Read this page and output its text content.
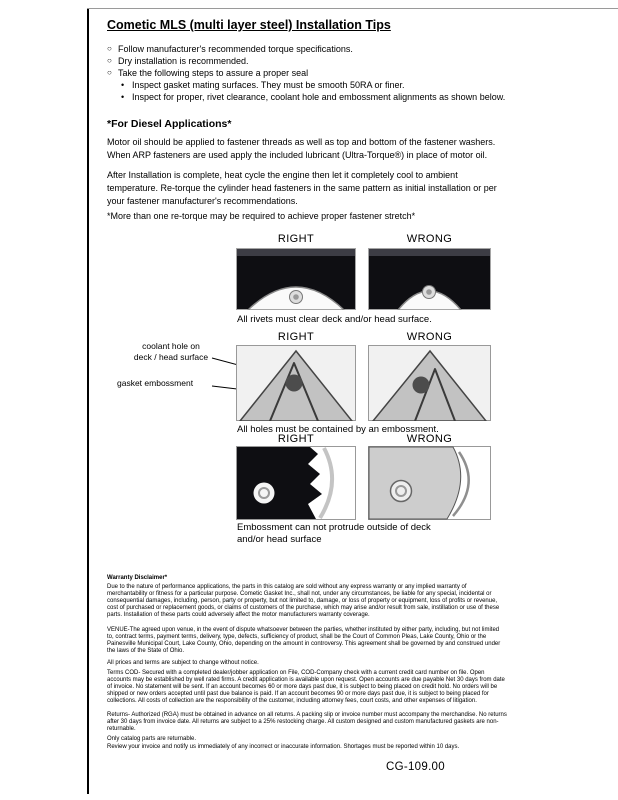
Cometic MLS (multi layer steel) Installation Tips
○ Follow manufacturer's recommended torque specifications.
○ Dry installation is recommended.
○ Take the following steps to assure a proper seal
• Inspect gasket mating surfaces. They must be smooth 50RA or finer.
• Inspect for proper, rivet clearance, coolant hole and embossment alignments as shown below.
*For Diesel Applications*
Motor oil should be applied to fastener threads as well as top and bottom of the fastener washers. When ARP fasteners are used apply the included lubricant (Ultra-Torque®) in place of motor oil.
After Installation is complete, heat cycle the engine then let it completely cool to ambient temperature. Re-torque the cylinder head fasteners in the same pattern as initial installation or per your fastener manufacturer's recommendations.
*More than one re-torque may be required to achieve proper fastener stretch*
RIGHT	WRONG
All rivets must clear deck and/or head surface.
RIGHT	WRONG
coolant hole on
deck / head surface
gasket embossment
All holes must be contained by an embossment.
RIGHT	WRONG
Embossment can not protrude outside of deck
and/or head surface
Warranty Disclaimer*
Due to the nature of performance applications, the parts in this catalog are sold without any express warranty or any implied warranty of merchantability or fitness for a particular purpose. Cometic Gasket Inc., shall not, under any circumstances, be liable for any special, incidental or consequential damages, including, person, party or property, but not limited to, damage, or loss of property or equipment, loss of profits or revenue, cost of purchased or replacement goods, or claims of customers of the purchase, which may arise and/or result from sale, instillation or use of these parts. Installation of these parts could adversely affect the motor manufacturers warranty coverage.
VENUE-The agreed upon venue, in the event of dispute whatsoever between the parties, whether instituted by either party, including, but not limited to, contract terms, payment terms, delivery, type, defects, sufficiency of product, shall be the Court of Common Pleas, Lake County, Ohio or the Painesville Municipal Court, Lake County, Ohio, depending on the amount in controversy. This agreement shall be governed by and construed under the laws of the State of Ohio.
All prices and terms are subject to change without notice.
Terms COD- Secured with a completed dealer/jobber application on File, COD-Company check with a current credit card number on file. Open accounts may be established by well rated firms. A credit application is available upon request. Open accounts are due payable Net 30 days from date of invoice. No statement will be sent. If an account becomes 60 or more days past due, it is subject to being placed on credit hold. No orders will be shipped or new orders accepted until past due balance is paid. If an account becomes 90 or more days past due, it is subject to being placed for collections. All costs of collection are the responsibility of the customer, including attorney fees, court costs, and other expenses of litigation.
Returns- Authorized (RGA) must be obtained in advance on all returns. A packing slip or invoice number must accompany the merchandise. No returns after 30 days from invoice date. All returns are subject to a 25% restocking charge. All custom designed and custom manufactured gaskets are non-returnable.
Only catalog parts are returnable.
Review your invoice and notify us immediately of any incorrect or inaccurate information. Shortages must be reported within 10 days.
CG-109.00
